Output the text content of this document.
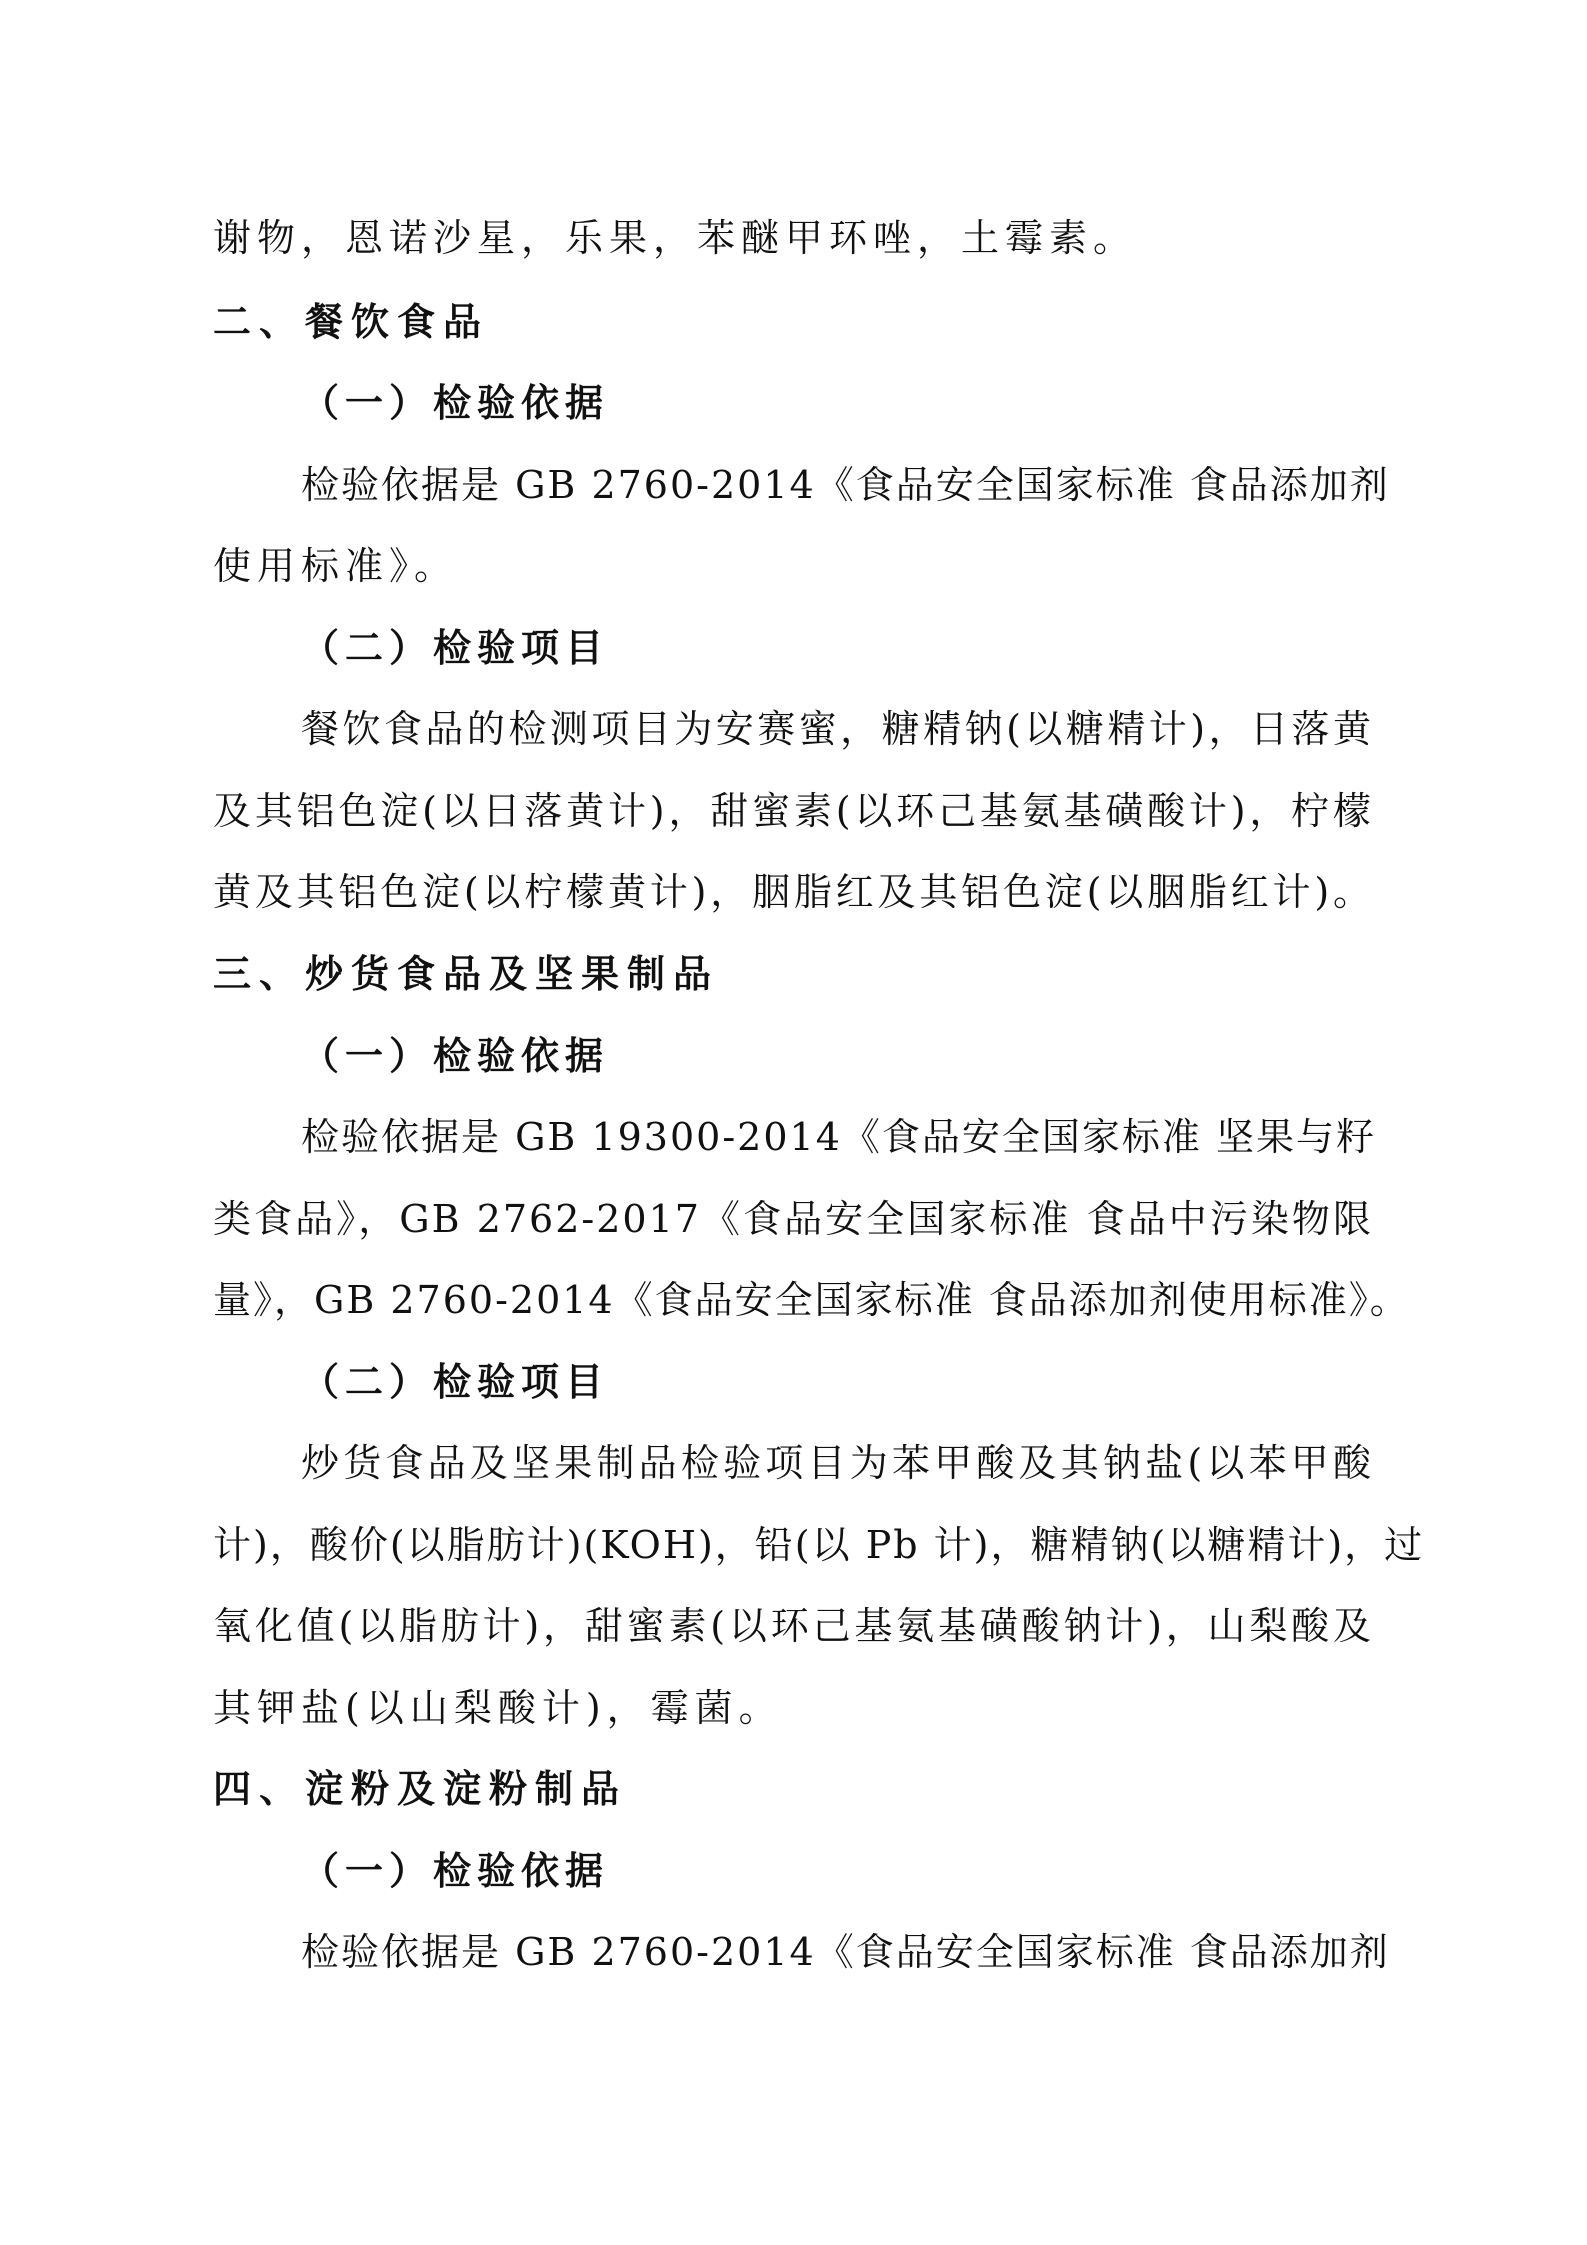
谢物，恩诺沙星，乐果，苯醚甲环唑，土霉素。
二、餐饮食品
（一）检验依据
检验依据是 GB 2760-2014《食品安全国家标准 食品添加剂
使用标准》。
（二）检验项目
餐饮食品的检测项目为安赛蜜，糖精钠(以糖精计)，日落黄
及其铝色淀(以日落黄计)，甜蜜素(以环己基氨基磺酸计)，柠檬
黄及其铝色淀(以柠檬黄计)，胭脂红及其铝色淀(以胭脂红计)。
三、炒货食品及坚果制品
（一）检验依据
检验依据是 GB 19300-2014《食品安全国家标准 坚果与籽
类食品》，GB 2762-2017《食品安全国家标准 食品中污染物限
量》，GB 2760-2014《食品安全国家标准 食品添加剂使用标准》。
（二）检验项目
炒货食品及坚果制品检验项目为苯甲酸及其钠盐(以苯甲酸
计)，酸价(以脂肪计)(KOH)，铅(以 Pb 计)，糖精钠(以糖精计)，过
氧化值(以脂肪计)，甜蜜素(以环己基氨基磺酸钠计)，山梨酸及
其钾盐(以山梨酸计)，霉菌。
四、淀粉及淀粉制品
（一）检验依据
检验依据是 GB 2760-2014《食品安全国家标准 食品添加剂
